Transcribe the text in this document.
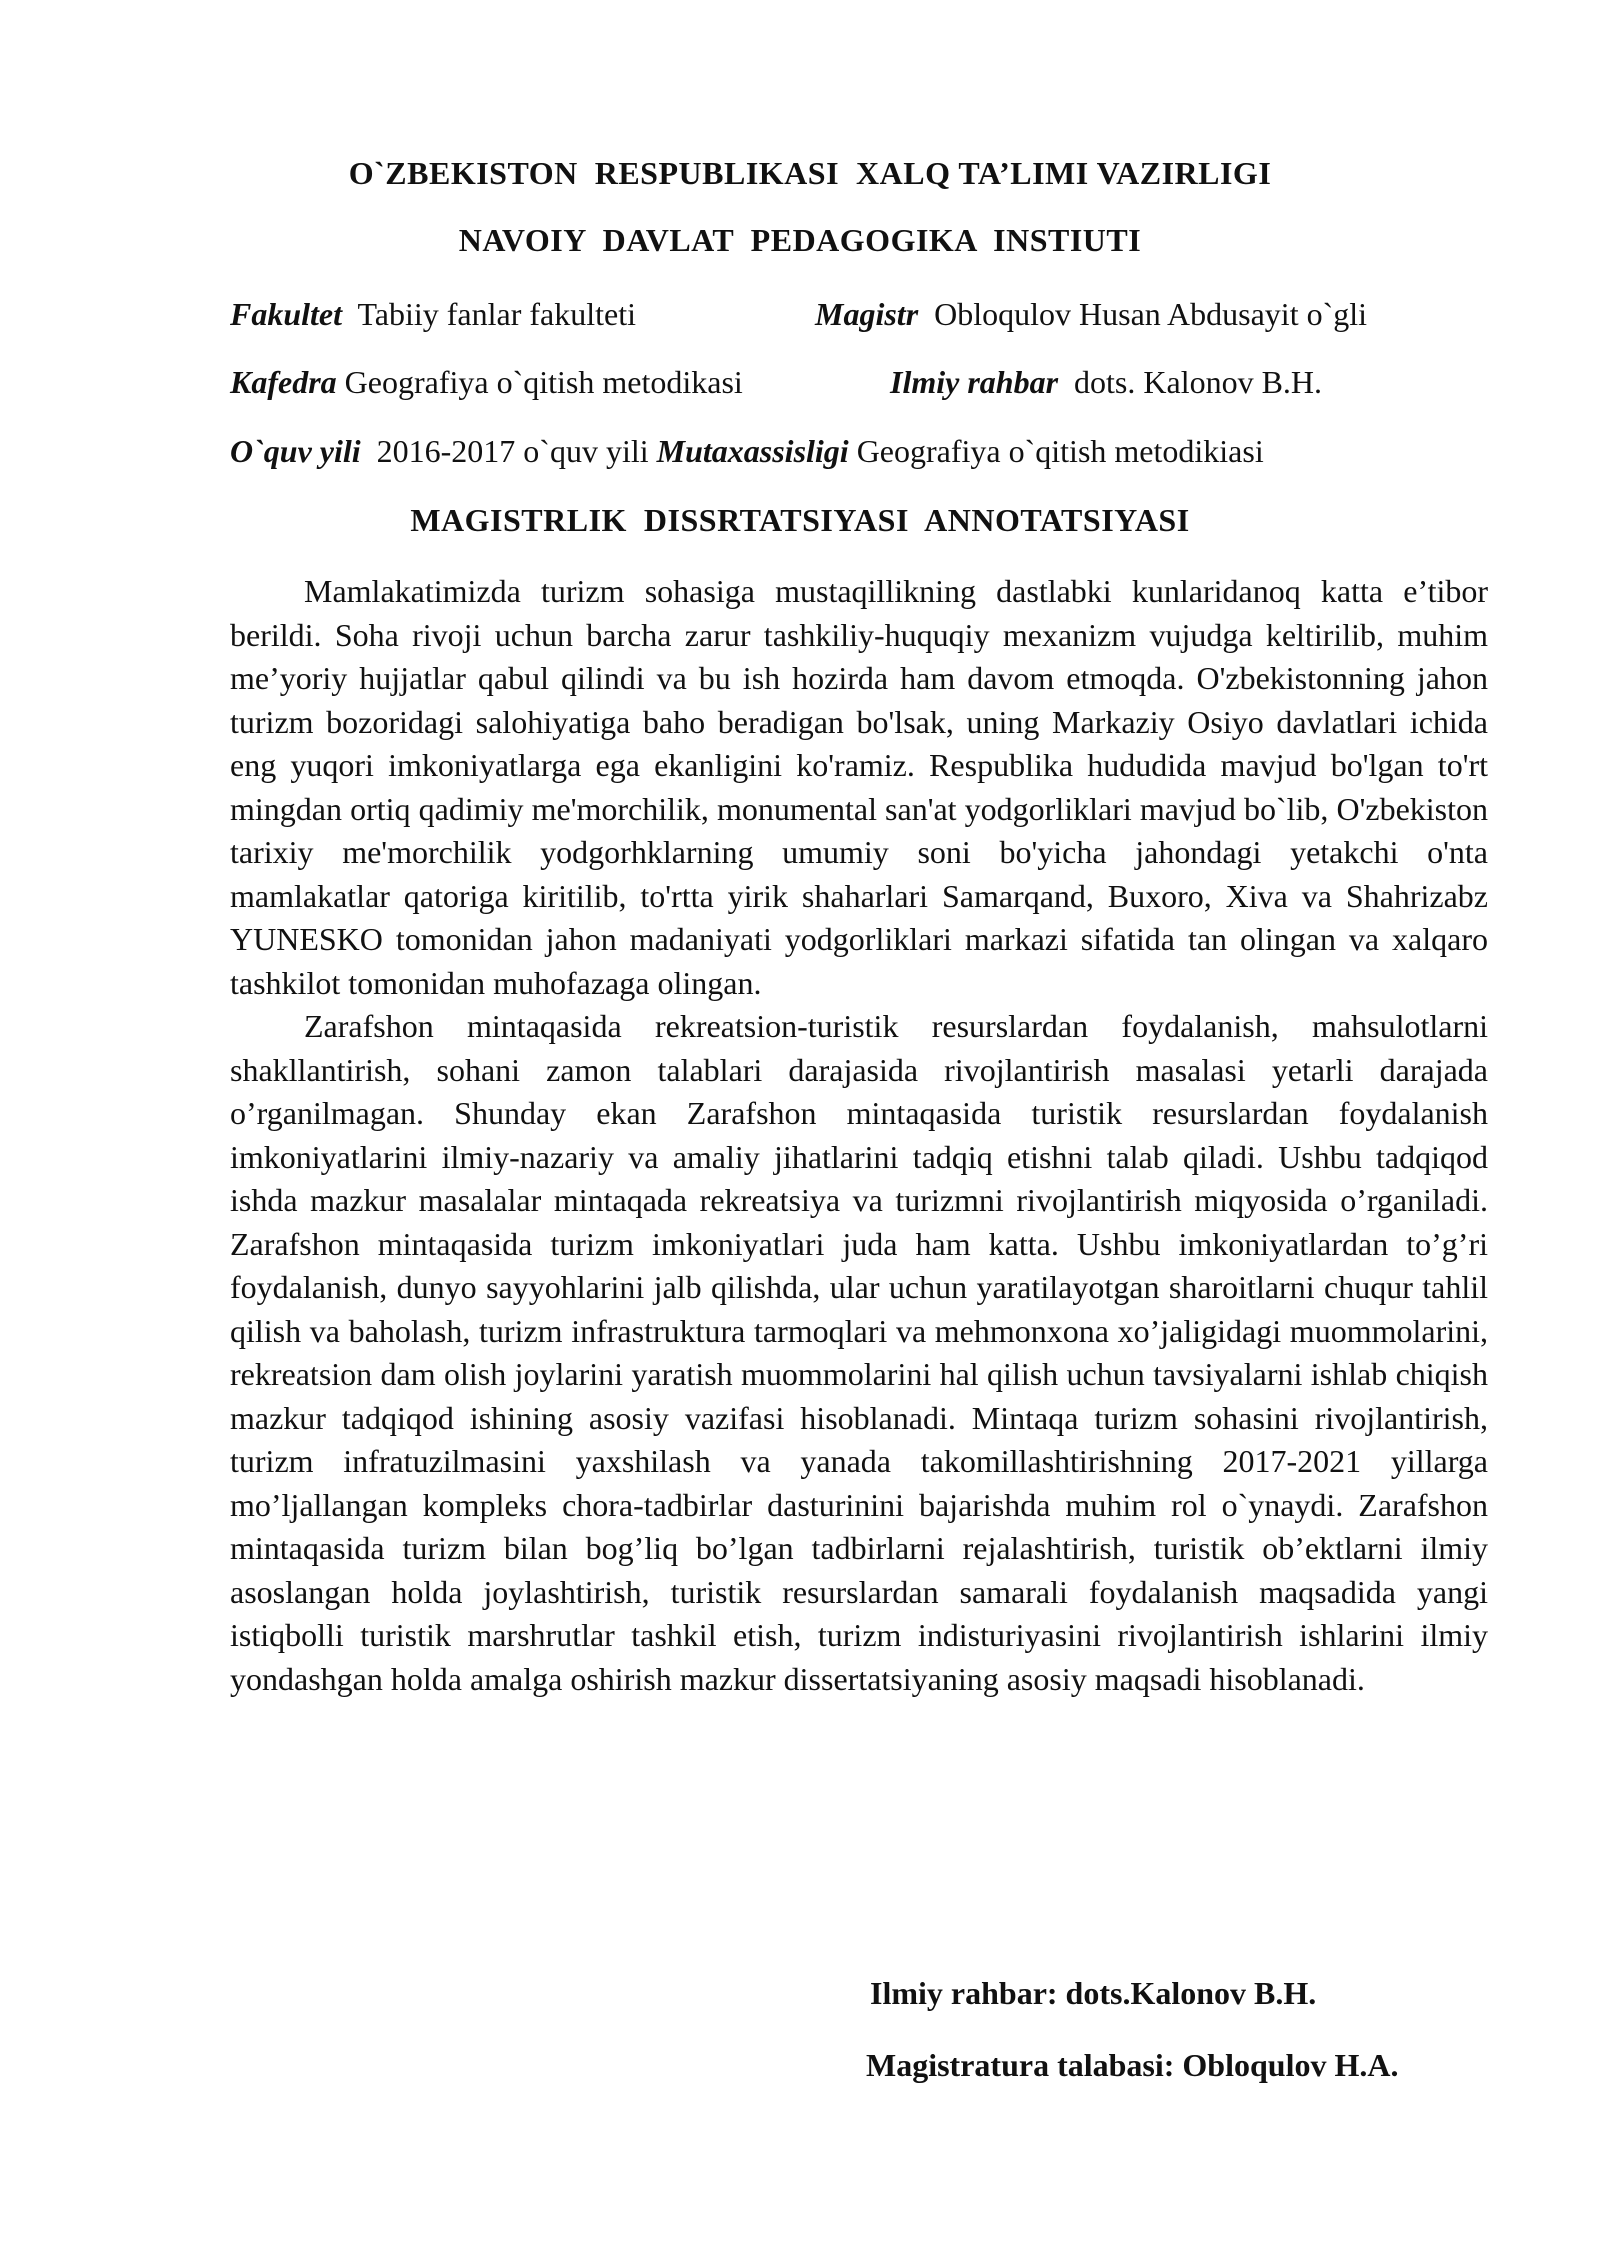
O`ZBEKISTON  RESPUBLIKASI  XALQ TA’LIMI VAZIRLIGI
NAVOIY  DAVLAT  PEDAGOGIKA  INSTIUTI
Fakultet  Tabiiy fanlar fakulteti	Magistr  Obloqulov Husan Abdusayit o`gli
Kafedra Geografiya o`qitish metodikasi	Ilmiy rahbar  dots. Kalonov B.H.
O`quv yili  2016-2017 o`quv yili Mutaxassisligi Geografiya o`qitish metodikiasi
MAGISTRLIK  DISSRTATSIYASI  ANNOTATSIYASI

Mamlakatimizda turizm sohasiga mustaqillikning dastlabki kunlaridanoq katta e’tibor berildi. Soha rivoji uchun barcha zarur tashkiliy-huquqiy mexanizm vujudga keltirilib, muhim me’yoriy hujjatlar qabul qilindi va bu ish hozirda ham davom etmoqda. O'zbekistonning jahon turizm bozoridagi salohiyatiga baho beradigan bo'lsak, uning Markaziy Osiyo davlatlari ichida eng yuqori imkoniyatlarga ega ekanligini ko'ramiz. Respublika hududida mavjud bo'lgan to'rt mingdan ortiq qadimiy me'morchilik, monumental san'at yodgorliklari mavjud bo`lib, O'zbekiston tarixiy me'morchilik yodgorhklarning umumiy soni bo'yicha jahondagi yetakchi o'nta mamlakatlar qatoriga kiritilib, to'rtta yirik shaharlari Samarqand, Buxoro, Xiva va Shahrizabz YUNESKO tomonidan jahon madaniyati yodgorliklari markazi sifatida tan olingan va xalqaro tashkilot tomonidan muhofazaga olingan.

Zarafshon mintaqasida rekreatsion-turistik resurslardan foydalanish, mahsulotlarni shakllantirish, sohani zamon talablari darajasida rivojlantirish masalasi yetarli darajada o’rganilmagan. Shunday ekan Zarafshon mintaqasida turistik resurslardan foydalanish imkoniyatlarini ilmiy-nazariy va amaliy jihatlarini tadqiq etishni talab qiladi. Ushbu tadqiqod ishda mazkur masalalar mintaqada rekreatsiya va turizmni rivojlantirish miqyosida o’rganiladi. Zarafshon mintaqasida turizm imkoniyatlari juda ham katta. Ushbu imkoniyatlardan to’g’ri foydalanish, dunyo sayyohlarini jalb qilishda, ular uchun yaratilayotgan sharoitlarni chuqur tahlil qilish va baholash, turizm infrastruktura tarmoqlari va mehmonxona xo’jaligidagi muommolarini, rekreatsion dam olish joylarini yaratish muommolarini hal qilish uchun tavsiyalarni ishlab chiqish mazkur tadqiqod ishining asosiy vazifasi hisoblanadi. Mintaqa turizm sohasini rivojlantirish, turizm infratuzilmasini yaxshilash va yanada takomillashtirishning 2017-2021 yillarga mo’ljallangan kompleks chora-tadbirlar dasturinini bajarishda muhim rol o`ynaydi. Zarafshon mintaqasida turizm bilan bog’liq bo’lgan tadbirlarni rejalashtirish, turistik ob’ektlarni ilmiy asoslangan holda joylashtirish, turistik resurslardan samarali foydalanish maqsadida yangi istiqbolli turistik marshrutlar tashkil etish, turizm indisturiyasini rivojlantirish ishlarini ilmiy yondashgan holda amalga oshirish mazkur dissertatsiyaning asosiy maqsadi hisoblanadi.

Ilmiy rahbar: dots.Kalonov B.H.
Magistratura talabasi: Obloqulov H.A.
